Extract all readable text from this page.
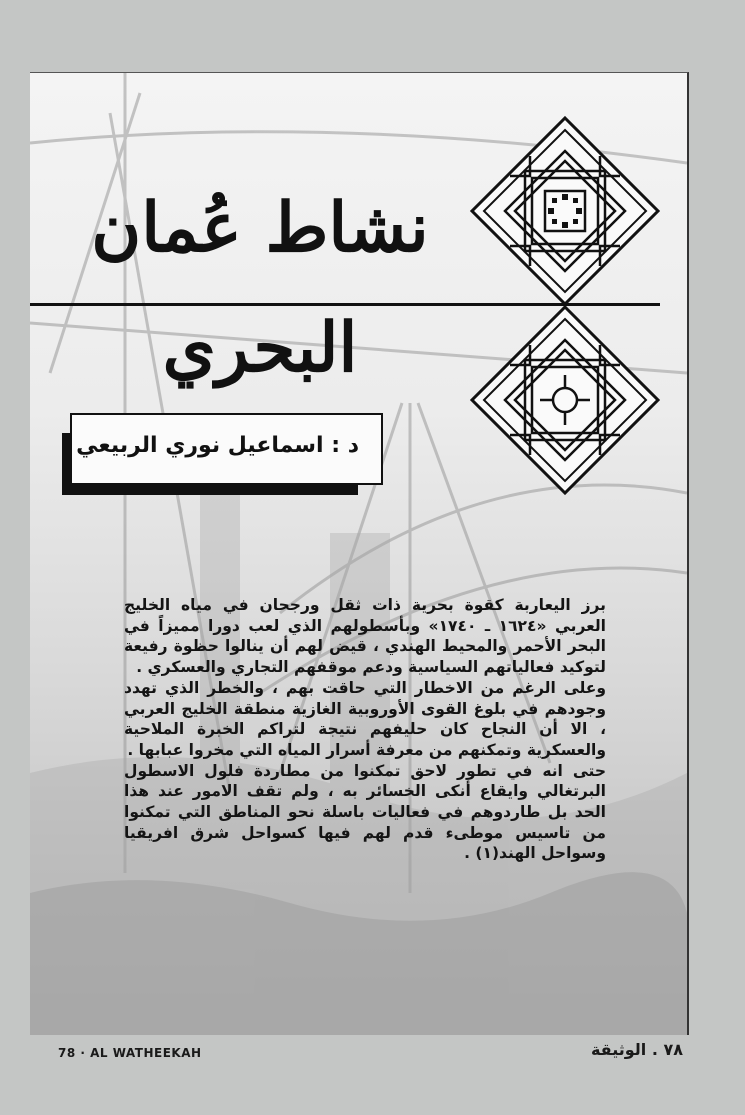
نشاط عُمان البحري
د : اسماعيل نوري الربيعي

برز اليعاربة كقوة بحرية ذات ثقل ورجحان في مياه الخليج العربي «١٦٢٤ ـ ١٧٤٠» وبأسطولهم الذي لعب دورا مميزاً في البحر الأحمر والمحيط الهندي ، قيض لهم أن ينالوا حظوة رفيعة لتوكيد فعالياتهم السياسية ودعم موقفهم التجاري والعسكري .

وعلى الرغم من الاخطار التي حاقت بهم ، والخطر الذي تهدد وجودهم في بلوغ القوى الأوروبية الغازية منطقة الخليج العربي ، الا أن النجاح كان حليفهم نتيجة لتراكم الخبرة الملاحية والعسكرية وتمكنهم من معرفة أسرار المياه التي مخروا عبابها .

حتى انه في تطور لاحق تمكنوا من مطاردة فلول الاسطول البرتغالي وايقاع أنكى الخسائر به ، ولم تقف الامور عند هذا الحد بل طاردوهم في فعاليات باسلة نحو المناطق التي تمكنوا من تاسيس موطىء قدم لهم فيها كسواحل شرق افريقيا وسواحل الهند(١) .

78 · AL WATHEEKAH	٧٨ . الوثيقة
